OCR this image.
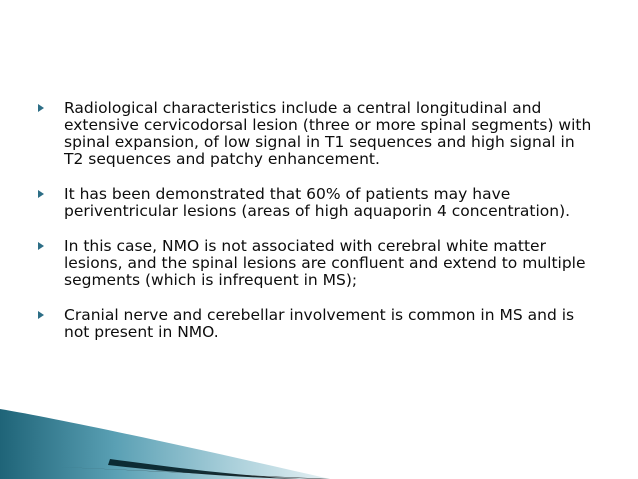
Radiological characteristics include a central longitudinal and extensive cervicodorsal lesion (three or more spinal segments) with spinal expansion, of low signal in T1 sequences and high signal in T2 sequences and patchy enhancement.
It has been demonstrated that 60% of patients may have periventricular lesions (areas of high aquaporin 4 concentration).
In this case, NMO is not associated with cerebral white matter lesions, and the spinal lesions are confluent and extend to multiple segments (which is infrequent in MS);
Cranial nerve and cerebellar involvement is common in MS and is not present in NMO.
